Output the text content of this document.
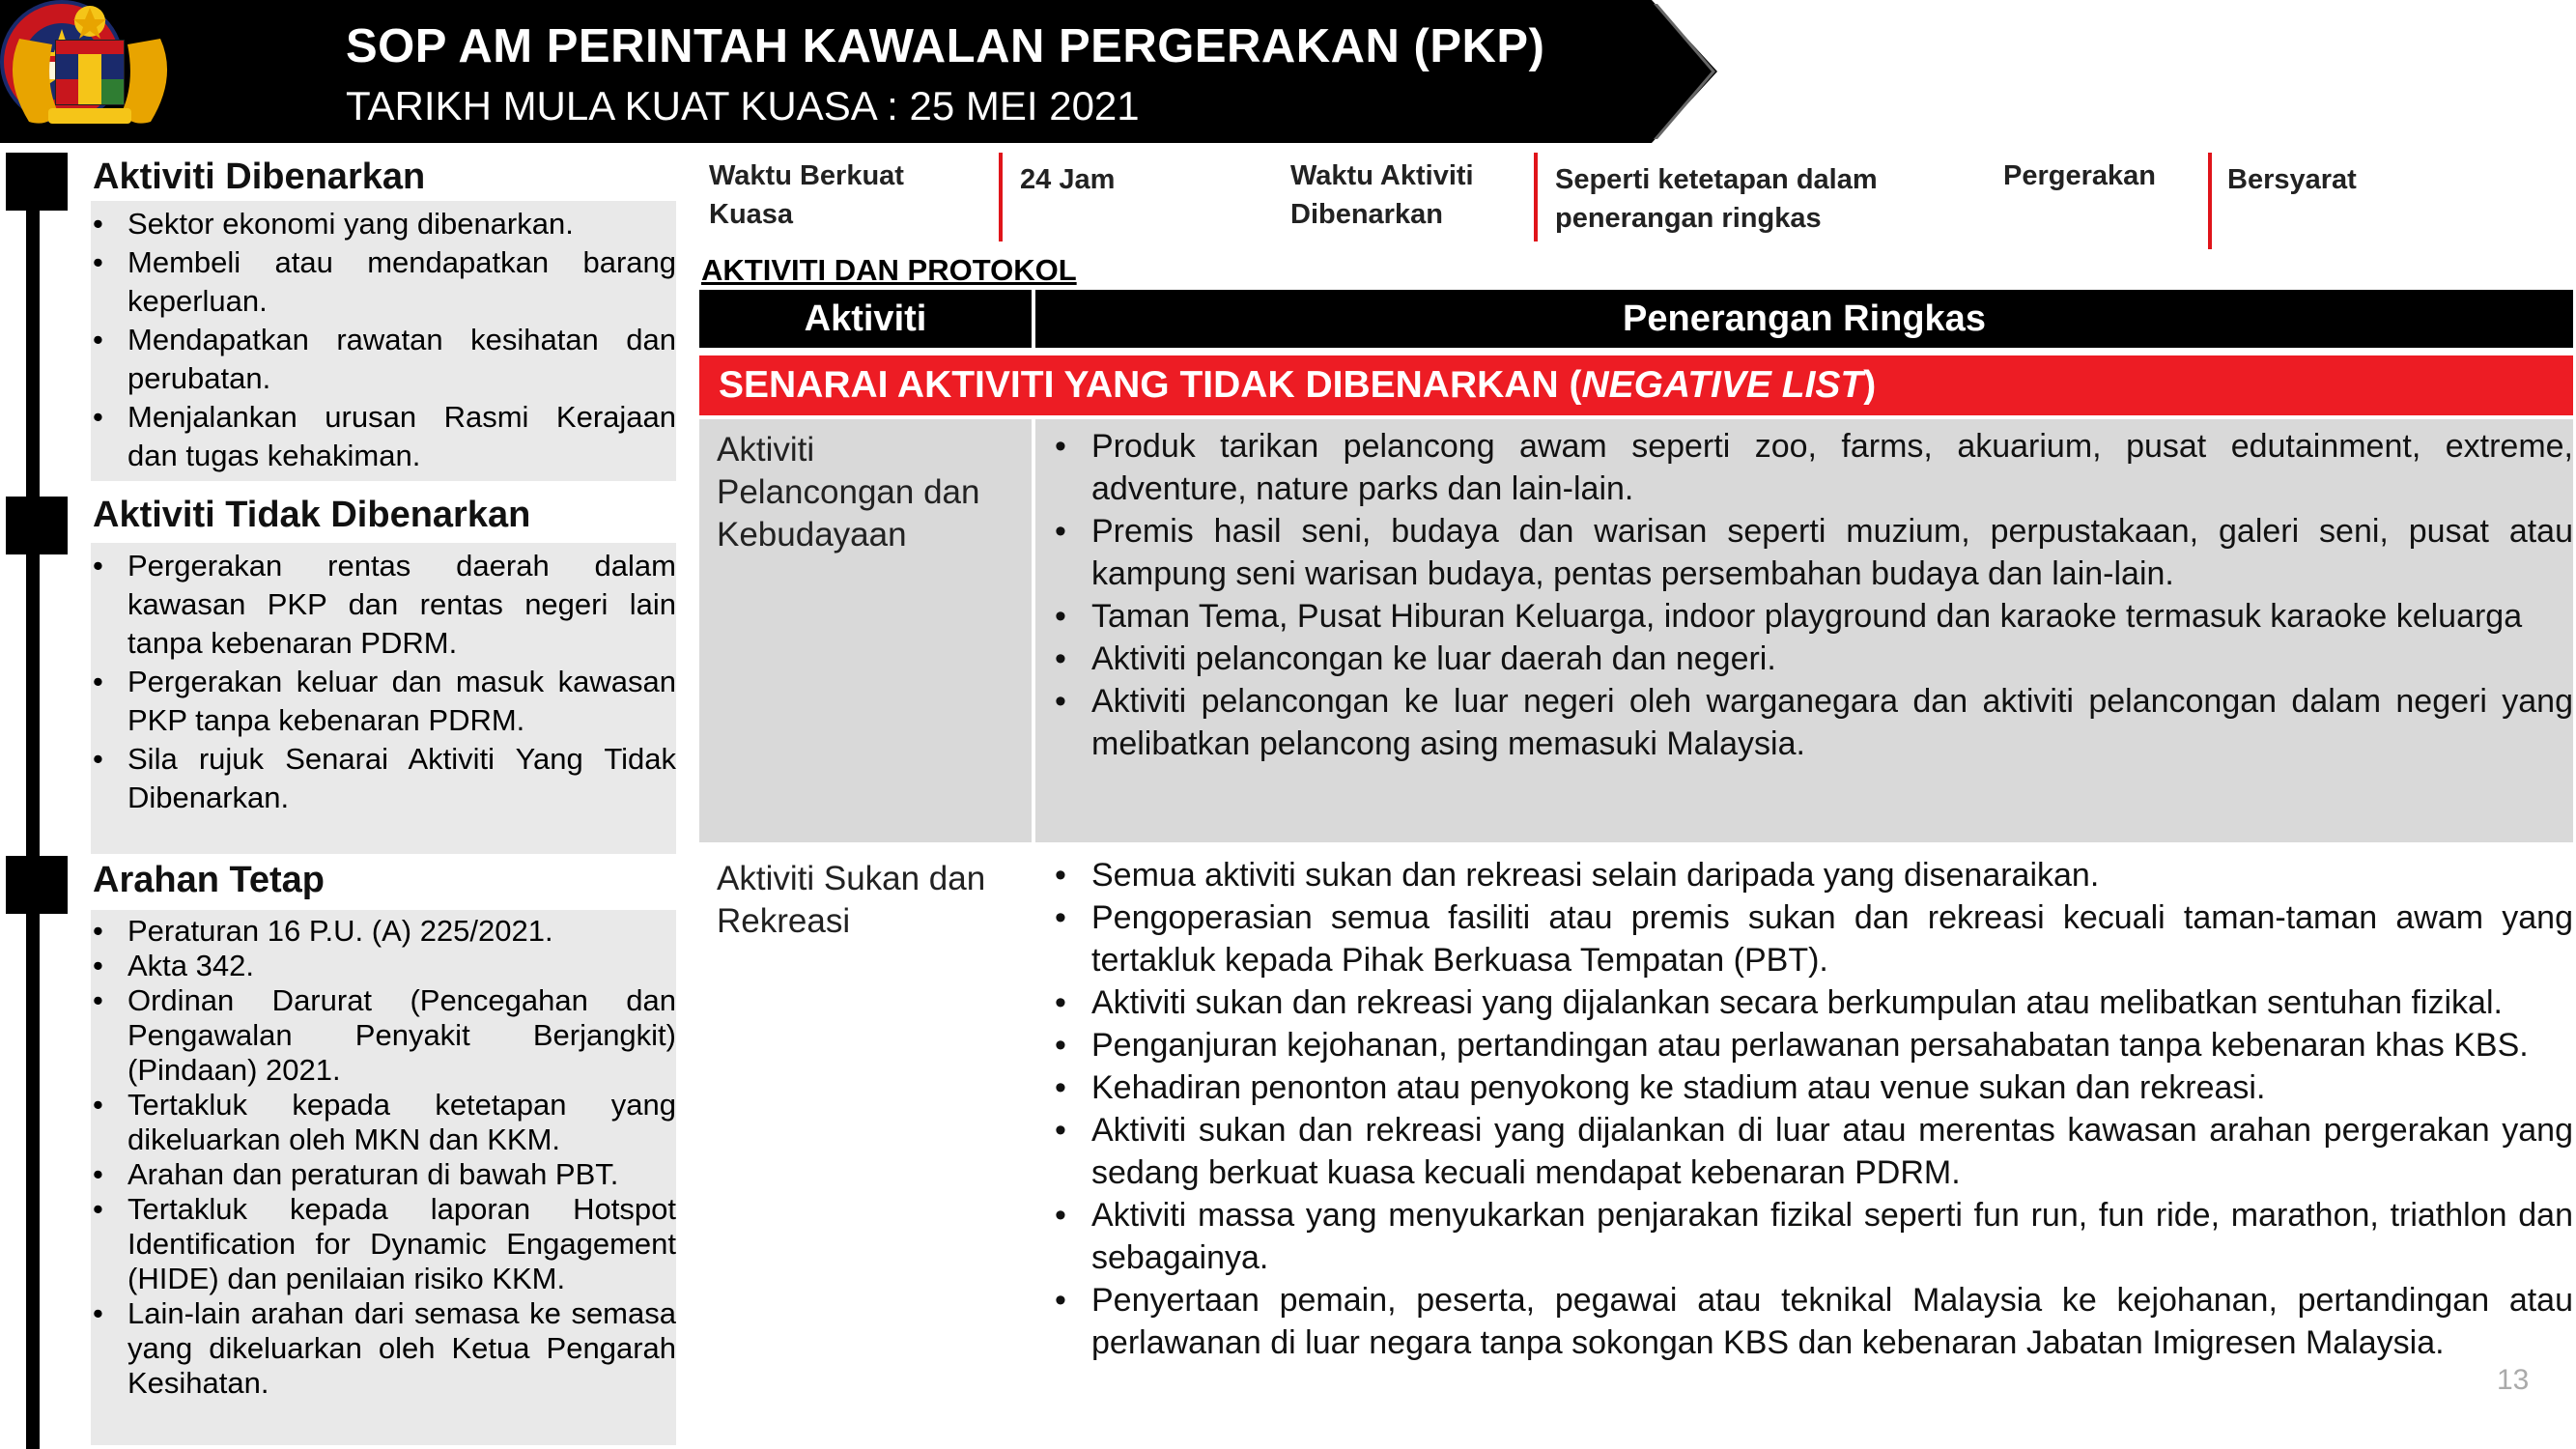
SOP AM PERINTAH KAWALAN PERGERAKAN (PKP)
TARIKH MULA KUAT KUASA : 25 MEI 2021
Aktiviti Dibenarkan
• Sektor ekonomi yang dibenarkan.
• Membeli atau mendapatkan barang keperluan.
• Mendapatkan rawatan kesihatan dan perubatan.
• Menjalankan urusan Rasmi Kerajaan dan tugas kehakiman.
Aktiviti Tidak Dibenarkan
• Pergerakan rentas daerah dalam kawasan PKP dan rentas negeri lain tanpa kebenaran PDRM.
• Pergerakan keluar dan masuk kawasan PKP tanpa kebenaran PDRM.
• Sila rujuk Senarai Aktiviti Yang Tidak Dibenarkan.
Arahan Tetap
• Peraturan 16 P.U. (A) 225/2021.
• Akta 342.
• Ordinan Darurat (Pencegahan dan Pengawalan Penyakit Berjangkit) (Pindaan) 2021.
• Tertakluk kepada ketetapan yang dikeluarkan oleh MKN dan KKM.
• Arahan dan peraturan di bawah PBT.
• Tertakluk kepada laporan Hotspot Identification for Dynamic Engagement (HIDE) dan penilaian risiko KKM.
• Lain-lain arahan dari semasa ke semasa yang dikeluarkan oleh Ketua Pengarah Kesihatan.
Waktu Berkuat Kuasa
24 Jam	Waktu Aktiviti Dibenarkan
Seperti ketetapan dalam penerangan ringkas
Pergerakan	Bersyarat
AKTIVITI DAN PROTOKOL
Aktiviti	Penerangan Ringkas
SENARAI AKTIVITI YANG TIDAK DIBENARKAN ( NEGATIVE LIST )
Aktiviti Pelancongan dan Kebudayaan
• Produk tarikan pelancong awam seperti zoo, farms, akuarium, pusat edutainment, extreme, adventure, nature parks dan lain-lain.
• Premis hasil seni, budaya dan warisan seperti muzium, perpustakaan, galeri seni, pusat atau kampung seni warisan budaya, pentas persembahan budaya dan lain-lain.
• Taman Tema, Pusat Hiburan Keluarga, indoor playground dan karaoke termasuk karaoke keluarga
• Aktiviti pelancongan ke luar daerah dan negeri.
• Aktiviti pelancongan ke luar negeri oleh warganegara dan aktiviti pelancongan dalam negeri yang melibatkan pelancong asing memasuki Malaysia.
Aktiviti Sukan dan Rekreasi
• Semua aktiviti sukan dan rekreasi selain daripada yang disenaraikan.
• Pengoperasian semua fasiliti atau premis sukan dan rekreasi kecuali taman-taman awam yang tertakluk kepada Pihak Berkuasa Tempatan (PBT).
• Aktiviti sukan dan rekreasi yang dijalankan secara berkumpulan atau melibatkan sentuhan fizikal.
• Penganjuran kejohanan, pertandingan atau perlawanan persahabatan tanpa kebenaran khas KBS.
• Kehadiran penonton atau penyokong ke stadium atau venue sukan dan rekreasi.
• Aktiviti sukan dan rekreasi yang dijalankan di luar atau merentas kawasan arahan pergerakan yang sedang berkuat kuasa kecuali mendapat kebenaran PDRM.
• Aktiviti massa yang menyukarkan penjarakan fizikal seperti fun run, fun ride, marathon, triathlon dan sebagainya.
• Penyertaan pemain, peserta, pegawai atau teknikal Malaysia ke kejohanan, pertandingan atau perlawanan di luar negara tanpa sokongan KBS dan kebenaran Jabatan Imigresen Malaysia.
13
